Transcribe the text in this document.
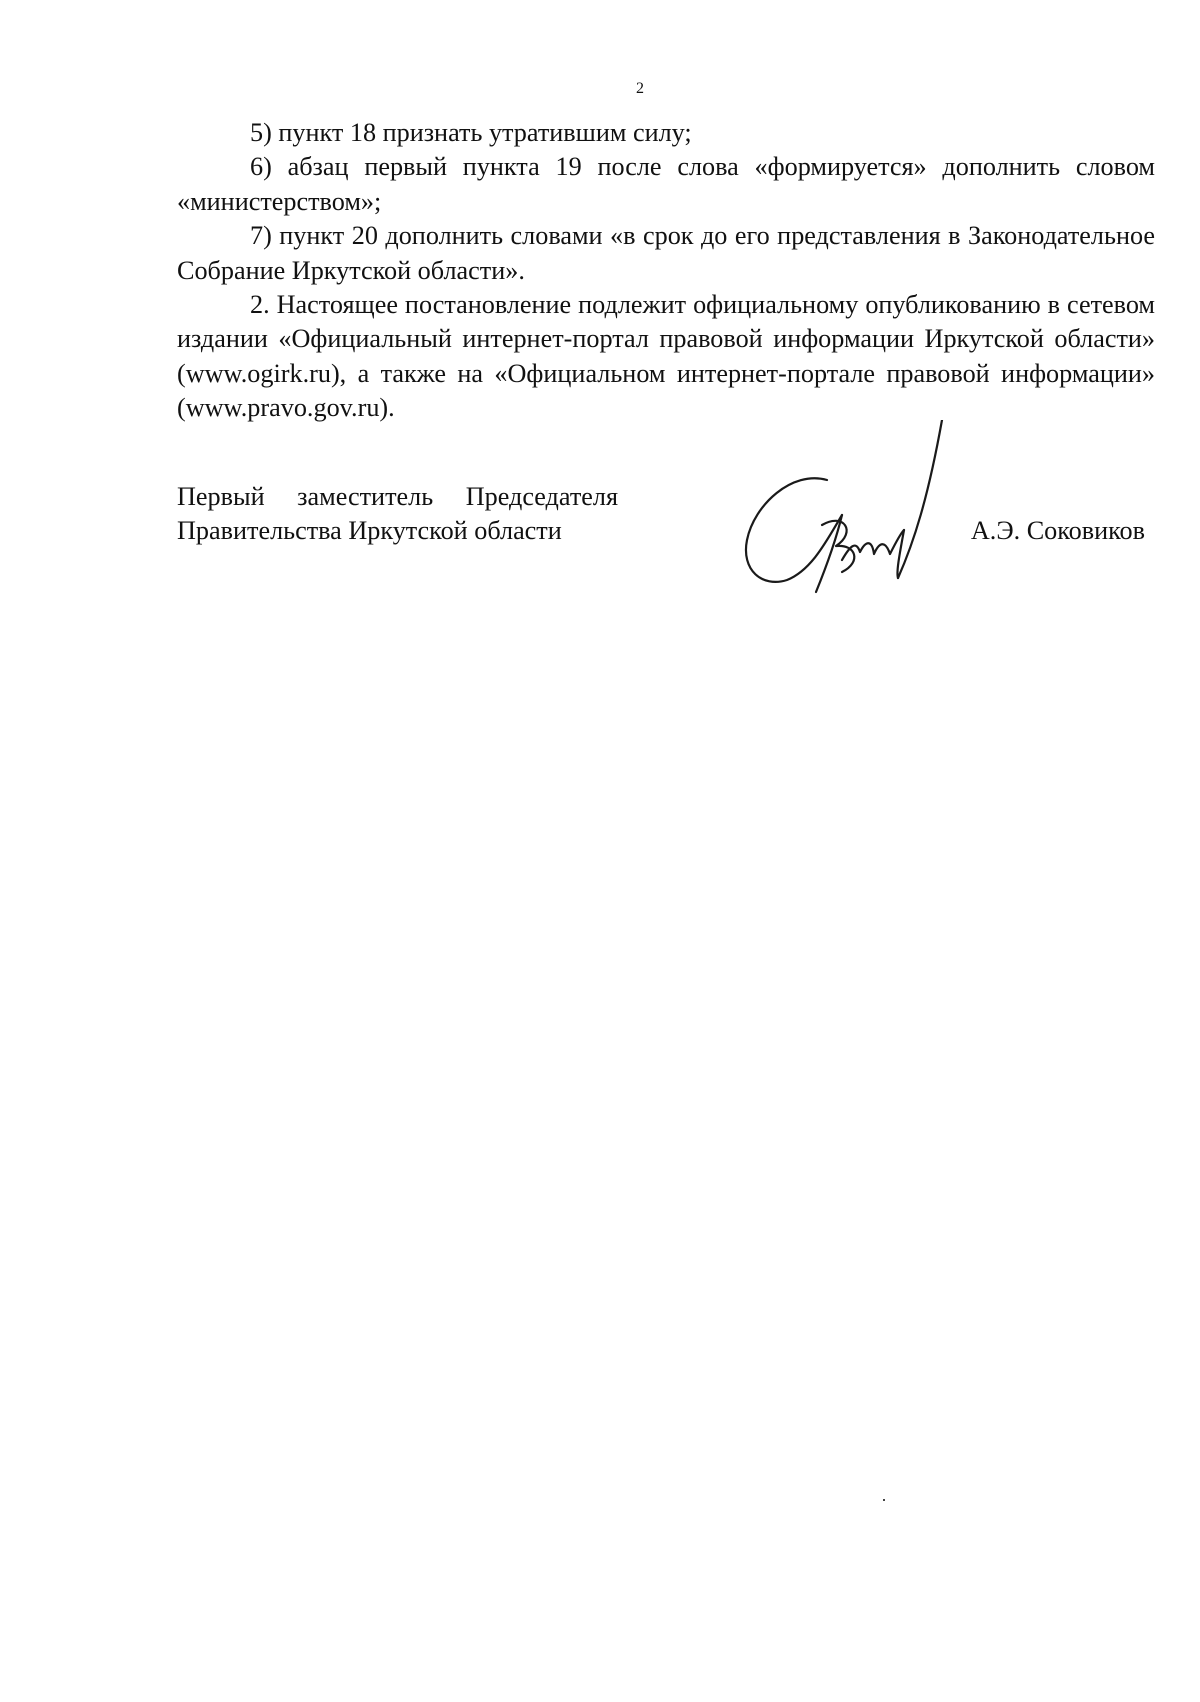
2

5) пункт 18 признать утратившим силу;

6) абзац первый пункта 19 после слова «формируется» дополнить словом «министерством»;

7) пункт 20 дополнить словами «в срок до его представления в Законодательное Собрание Иркутской области».

2. Настоящее постановление подлежит официальному опубликованию в сетевом издании «Официальный интернет-портал правовой информации Иркутской области» (www.ogirk.ru), а также на «Официальном интернет-портале правовой информации» (www.pravo.gov.ru).

Первый заместитель Председателя
Правительства Иркутской области	А.Э. Соковиков
